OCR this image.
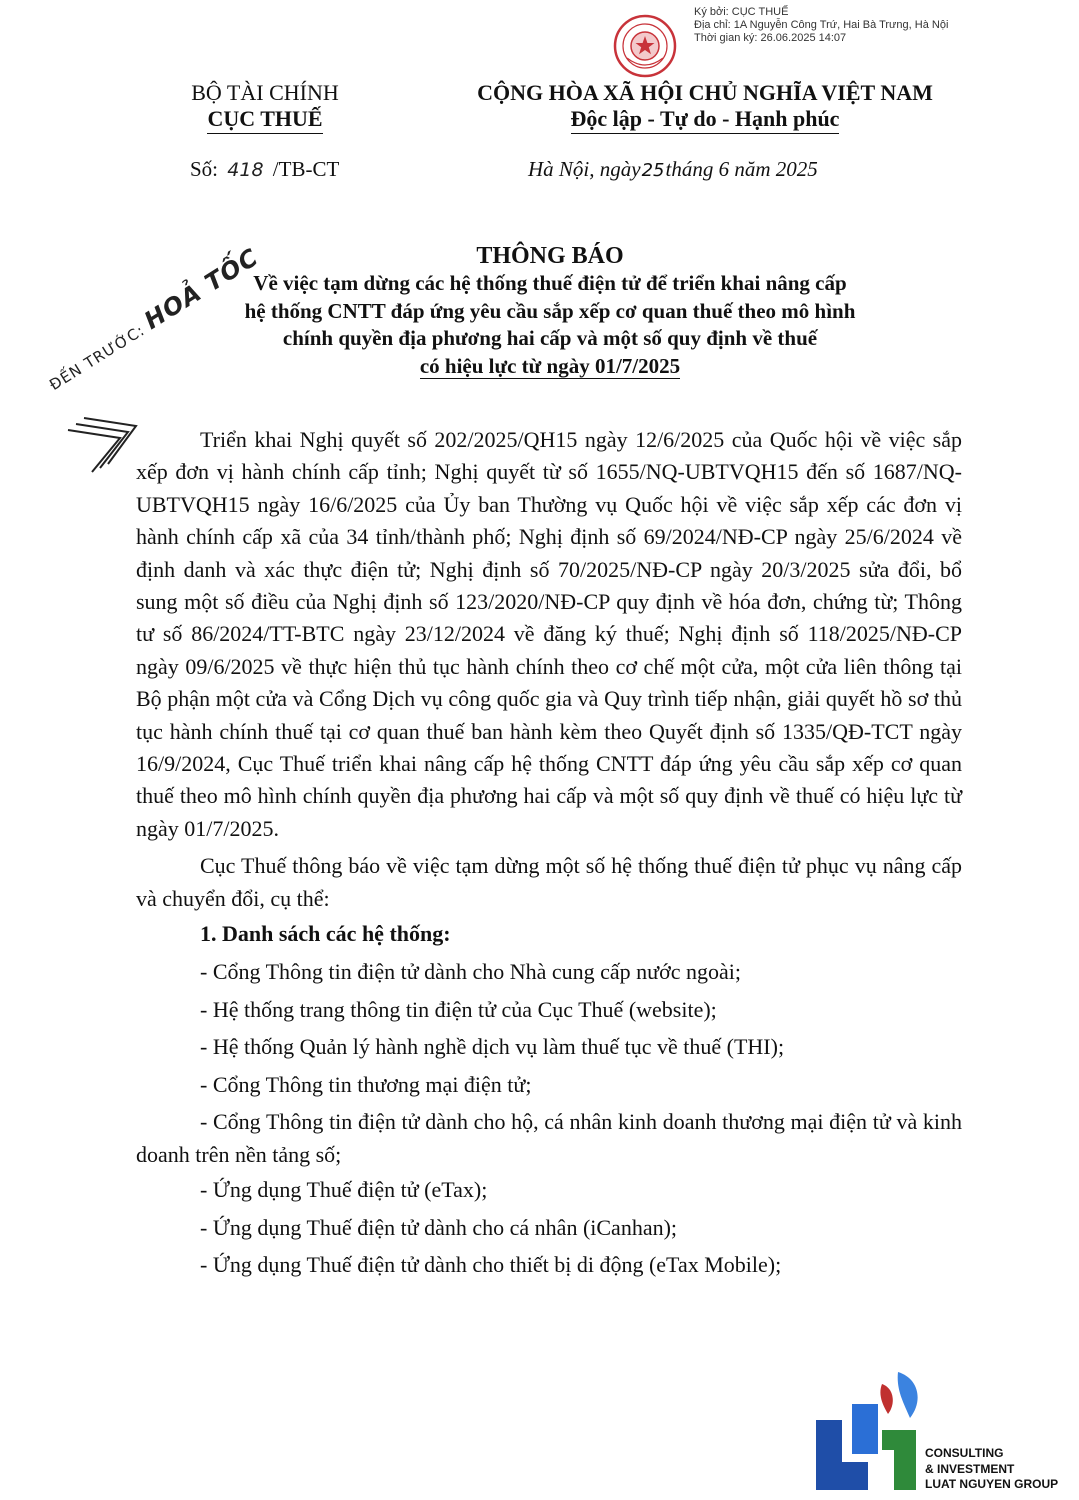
Ký bởi: CỤC THUẾ
Địa chỉ: 1A Nguyễn Công Trứ, Hai Bà Trưng, Hà Nội
Thời gian ký: 26.06.2025 14:07
BỘ TÀI CHÍNH
CỤC THUẾ
CỘNG HÒA XÃ HỘI CHỦ NGHĨA VIỆT NAM
Độc lập - Tự do - Hạnh phúc
Số: 418 /TB-CT	Hà Nội, ngày25tháng 6 năm 2025
THÔNG BÁO
Về việc tạm dừng các hệ thống thuế điện tử để triển khai nâng cấp
hệ thống CNTT đáp ứng yêu cầu sắp xếp cơ quan thuế theo mô hình
chính quyền địa phương hai cấp và một số quy định về thuế
có hiệu lực từ ngày 01/7/2025
ĐẾN TRƯỚC:HOẢ TỐC

Triển khai Nghị quyết số 202/2025/QH15 ngày 12/6/2025 của Quốc hội về việc sắp xếp đơn vị hành chính cấp tỉnh; Nghị quyết từ số 1655/NQ-UBTVQH15 đến số 1687/NQ-UBTVQH15 ngày 16/6/2025 của Ủy ban Thường vụ Quốc hội về việc sắp xếp các đơn vị hành chính cấp xã của 34 tỉnh/thành phố; Nghị định số 69/2024/NĐ-CP ngày 25/6/2024 về định danh và xác thực điện tử; Nghị định số 70/2025/NĐ-CP ngày 20/3/2025 sửa đổi, bổ sung một số điều của Nghị định số 123/2020/NĐ-CP quy định về hóa đơn, chứng từ; Thông tư số 86/2024/TT-BTC ngày 23/12/2024 về đăng ký thuế; Nghị định số 118/2025/NĐ-CP ngày 09/6/2025 về thực hiện thủ tục hành chính theo cơ chế một cửa, một cửa liên thông tại Bộ phận một cửa và Cổng Dịch vụ công quốc gia và Quy trình tiếp nhận, giải quyết hồ sơ thủ tục hành chính thuế tại cơ quan thuế ban hành kèm theo Quyết định số 1335/QĐ-TCT ngày 16/9/2024, Cục Thuế triển khai nâng cấp hệ thống CNTT đáp ứng yêu cầu sắp xếp cơ quan thuế theo mô hình chính quyền địa phương hai cấp và một số quy định về thuế có hiệu lực từ ngày 01/7/2025.

Cục Thuế thông báo về việc tạm dừng một số hệ thống thuế điện tử phục vụ nâng cấp và chuyển đổi, cụ thể:

1. Danh sách các hệ thống:

- Cổng Thông tin điện tử dành cho Nhà cung cấp nước ngoài;

- Hệ thống trang thông tin điện tử của Cục Thuế (website);

- Hệ thống Quản lý hành nghề dịch vụ làm thuế tục về thuế (THI);

- Cổng Thông tin thương mại điện tử;

- Cổng Thông tin điện tử dành cho hộ, cá nhân kinh doanh thương mại điện tử và kinh doanh trên nền tảng số;

- Ứng dụng Thuế điện tử (eTax);

- Ứng dụng Thuế điện tử dành cho cá nhân (iCanhan);

- Ứng dụng Thuế điện tử dành cho thiết bị di động (eTax Mobile);

CONSULTING
& INVESTMENT
LUAT NGUYEN GROUP
